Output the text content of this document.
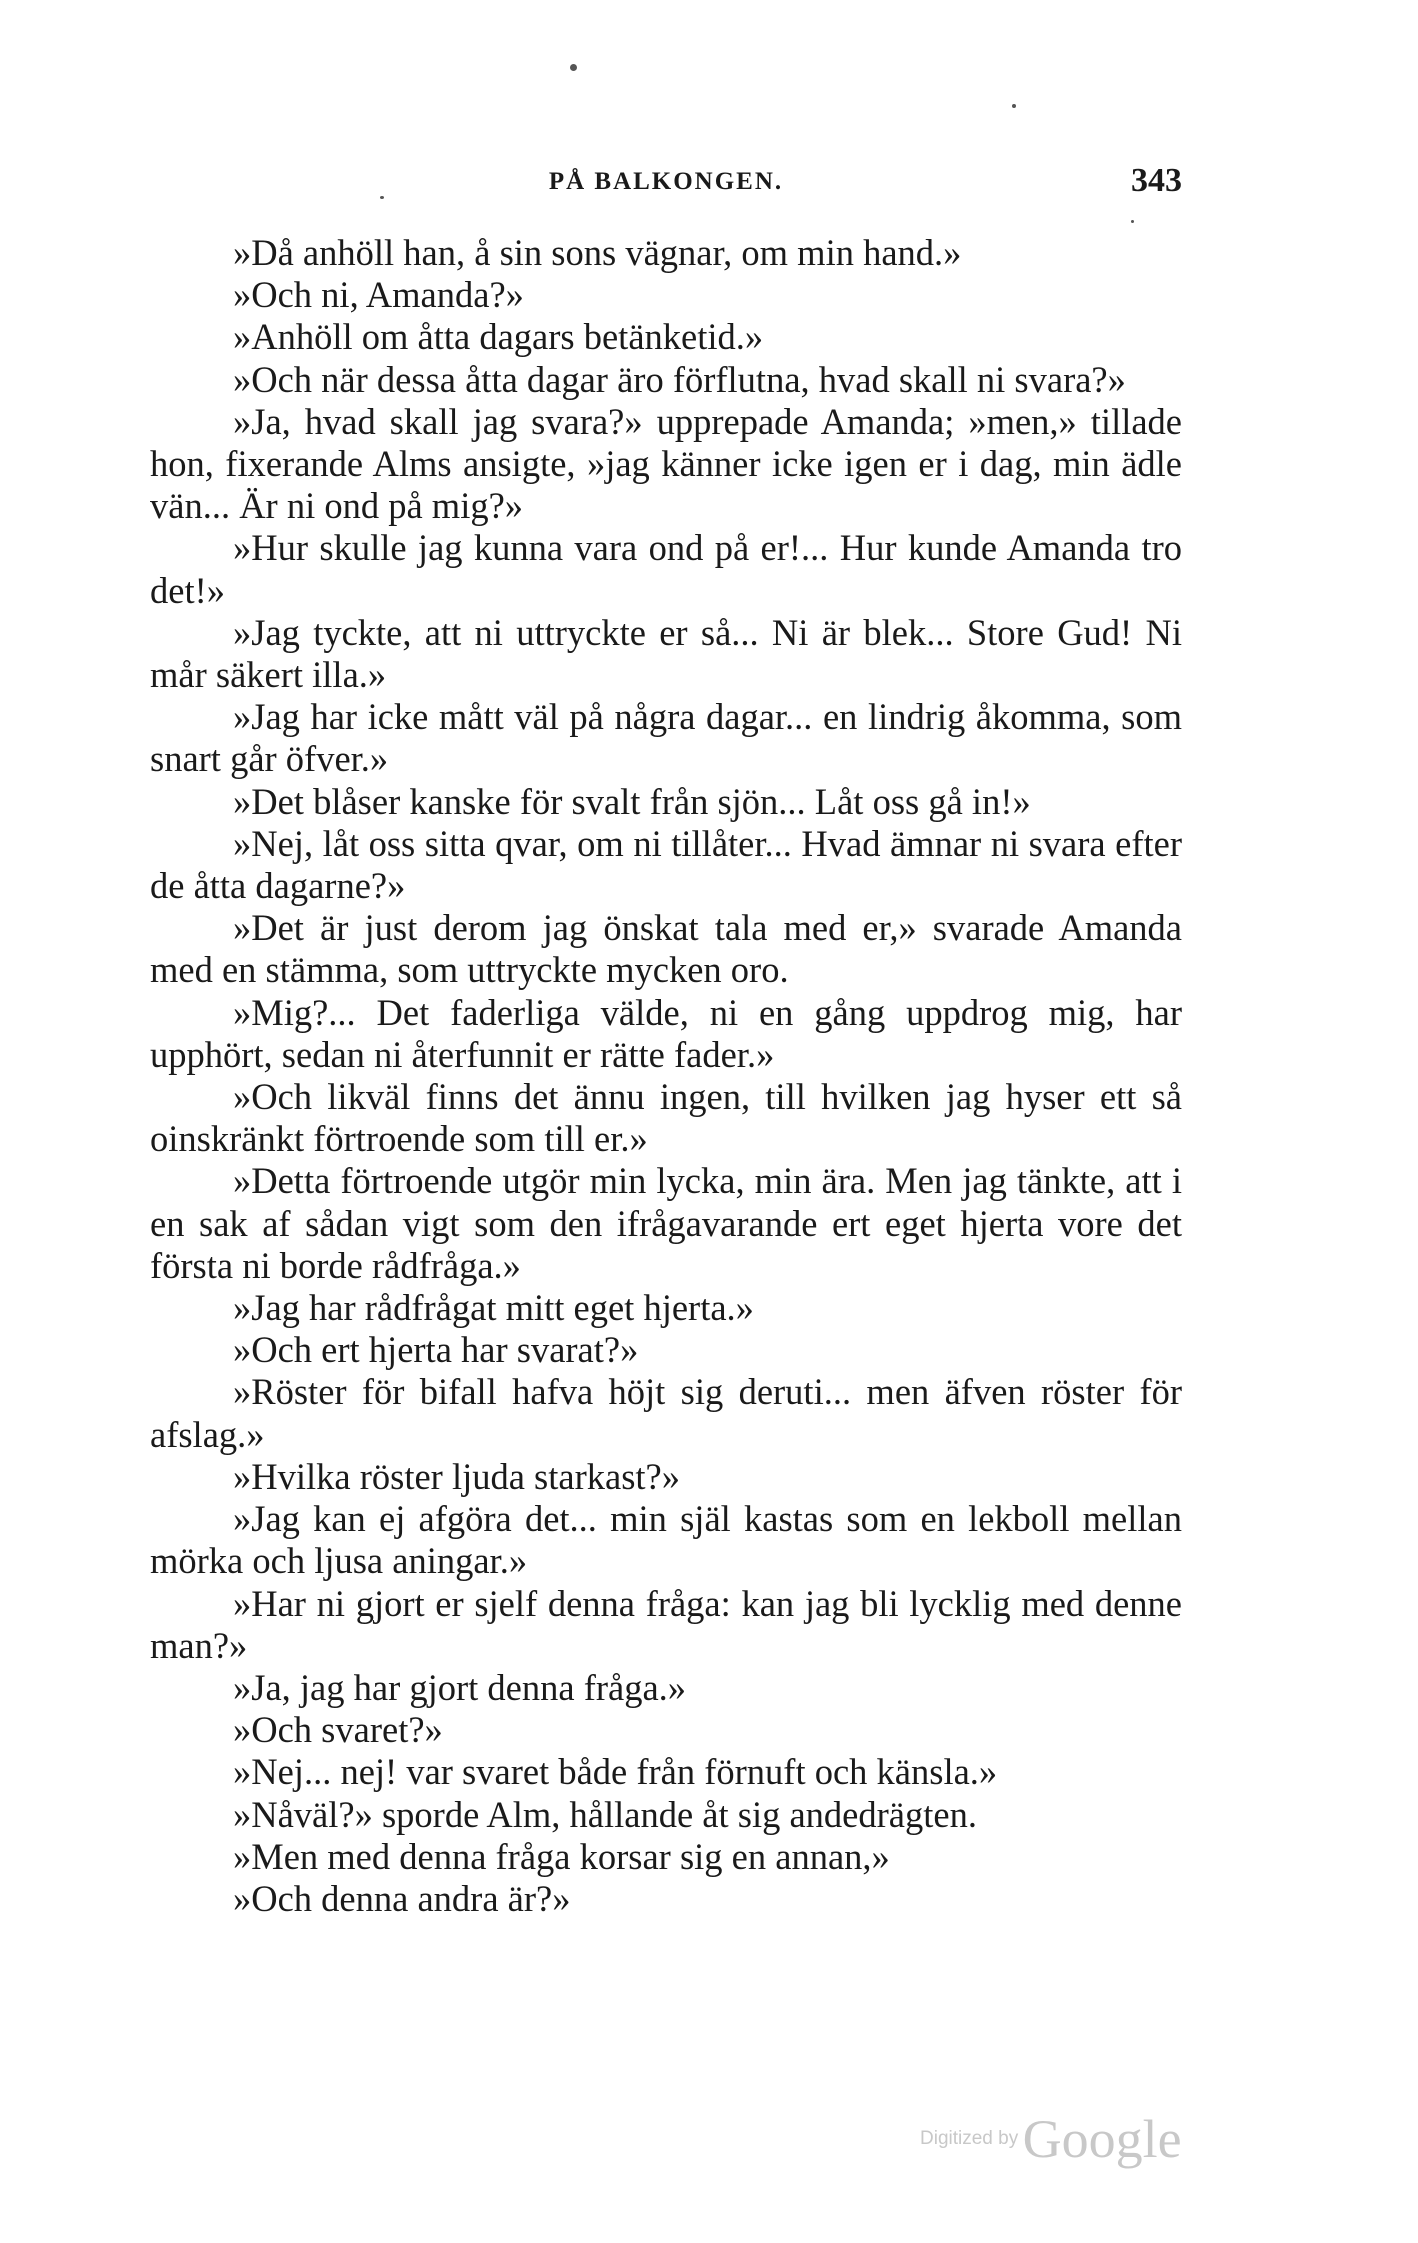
PÅ BALKONGEN.	343

»Då anhöll han, å sin sons vägnar, om min hand.»

»Och ni, Amanda?»

»Anhöll om åtta dagars betänketid.»

»Och när dessa åtta dagar äro förflutna, hvad skall ni svara?»

»Ja, hvad skall jag svara?» upprepade Amanda; »men,» tillade hon, fixerande Alms ansigte, »jag känner icke igen er i dag, min ädle vän... Är ni ond på mig?»

»Hur skulle jag kunna vara ond på er!... Hur kunde Amanda tro det!»

»Jag tyckte, att ni uttryckte er så... Ni är blek... Store Gud! Ni mår säkert illa.»

»Jag har icke mått väl på några dagar... en lindrig åkomma, som snart går öfver.»

»Det blåser kanske för svalt från sjön... Låt oss gå in!»

»Nej, låt oss sitta qvar, om ni tillåter... Hvad ämnar ni svara efter de åtta dagarne?»

»Det är just derom jag önskat tala med er,» svarade Amanda med en stämma, som uttryckte mycken oro.

»Mig?... Det faderliga välde, ni en gång uppdrog mig, har upphört, sedan ni återfunnit er rätte fader.»

»Och likväl finns det ännu ingen, till hvilken jag hyser ett så oinskränkt förtroende som till er.»

»Detta förtroende utgör min lycka, min ära. Men jag tänkte, att i en sak af sådan vigt som den ifrågavarande ert eget hjerta vore det första ni borde rådfråga.»

»Jag har rådfrågat mitt eget hjerta.»

»Och ert hjerta har svarat?»

»Röster för bifall hafva höjt sig deruti... men äfven röster för afslag.»

»Hvilka röster ljuda starkast?»

»Jag kan ej afgöra det... min själ kastas som en lekboll mellan mörka och ljusa aningar.»

»Har ni gjort er sjelf denna fråga: kan jag bli lycklig med denne man?»

»Ja, jag har gjort denna fråga.»

»Och svaret?»

»Nej... nej! var svaret både från förnuft och känsla.»

»Nåväl?» sporde Alm, hållande åt sig andedrägten.

»Men med denna fråga korsar sig en annan,»

»Och denna andra är?»

Digitized by Google
